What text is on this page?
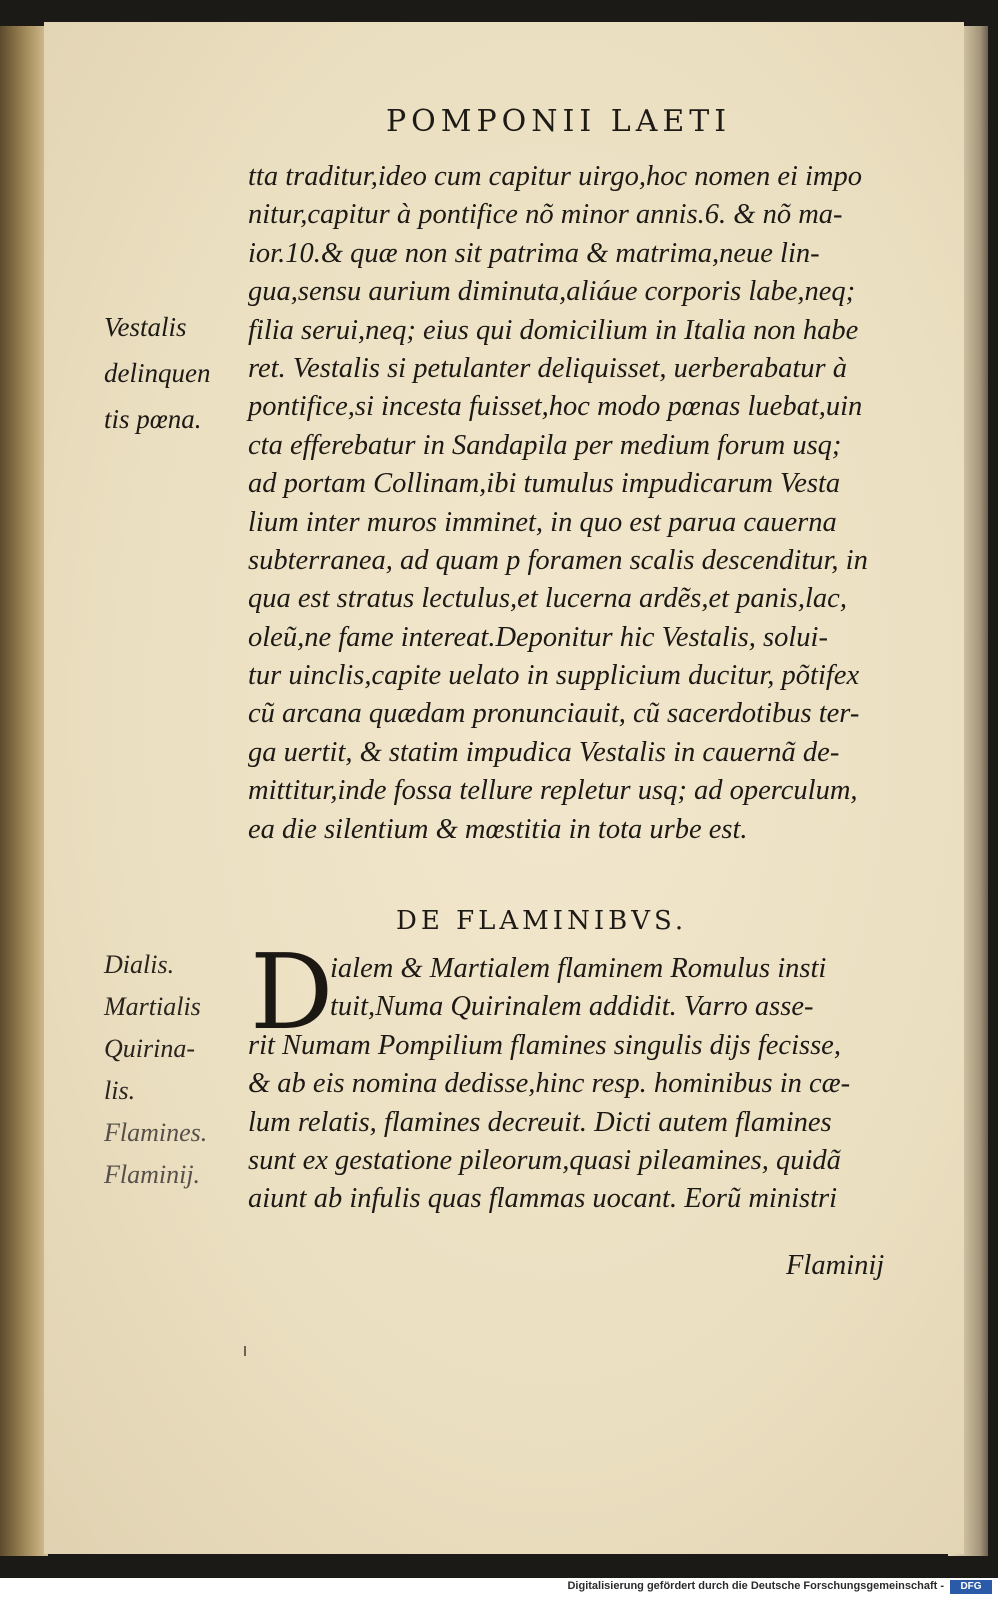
POMPONII LAETI
Vestalis
delinquen
tis pœna.
tta traditur,ideo cum capitur uirgo,hoc nomen ei impo
nitur,capitur à pontifice nõ minor annis.6. & nõ ma-
ior.10.& quæ non sit patrima & matrima,neue lin-
gua,sensu aurium diminuta,aliáue corporis labe,neq;
filia serui,neq; eius qui domicilium in Italia non habe
ret. Vestalis si petulanter deliquisset, uerberabatur à
pontifice,si incesta fuisset,hoc modo pœnas luebat,uin
cta efferebatur in Sandapila per medium forum usq;
ad portam Collinam,ibi tumulus impudicarum Vesta
lium inter muros imminet, in quo est parua cauerna
subterranea, ad quam p foramen scalis descenditur, in
qua est stratus lectulus,et lucerna ardẽs,et panis,lac,
oleũ,ne fame intereat.Deponitur hic Vestalis, solui-
tur uinclis,capite uelato in supplicium ducitur, põtifex
cũ arcana quædam pronunciauit, cũ sacerdotibus ter-
ga uertit, & statim impudica Vestalis in cauernã de-
mittitur,inde fossa tellure repletur usq; ad operculum,
ea die silentium & mœstitia in tota urbe est.
DE FLAMINIBVS.
Dialis.
Martialis
Quirina-
lis.
Flamines.
Flaminij.
D
ialem & Martialem flaminem Romulus insti
tuit,Numa Quirinalem addidit. Varro asse-
rit Numam Pompilium flamines singulis dijs fecisse,
& ab eis nomina dedisse,hinc resp. hominibus in cæ-
lum relatis, flamines decreuit. Dicti autem flamines
sunt ex gestatione pileorum,quasi pileamines, quidã
aiunt ab infulis quas flammas uocant. Eorũ ministri
Flaminij
Digitalisierung gefördert durch die Deutsche Forschungsgemeinschaft -	DFG
